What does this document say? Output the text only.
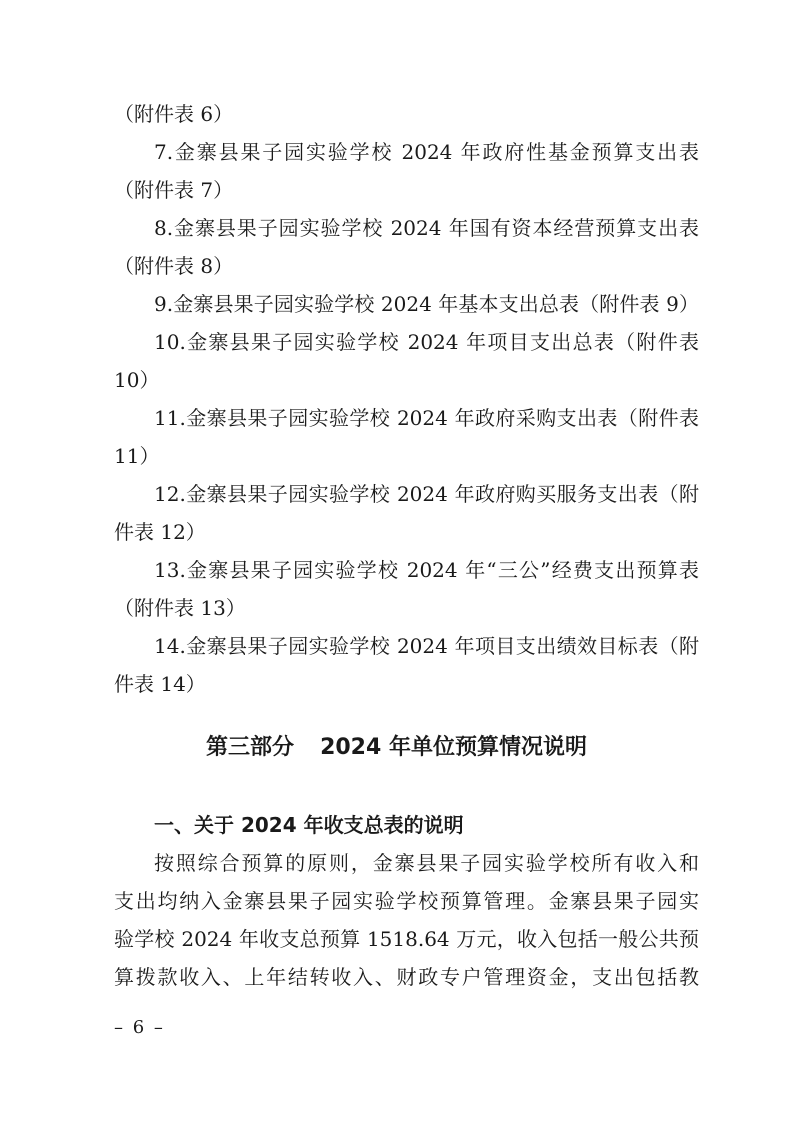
（附件表 6）
7.金寨县果子园实验学校 2024 年政府性基金预算支出表
（附件表 7）
8.金寨县果子园实验学校 2024 年国有资本经营预算支出表
（附件表 8）
9.金寨县果子园实验学校 2024 年基本支出总表（附件表 9）
10.金寨县果子园实验学校 2024 年项目支出总表（附件表
10）
11.金寨县果子园实验学校 2024 年政府采购支出表（附件表
11）
12.金寨县果子园实验学校 2024 年政府购买服务支出表（附
件表 12）
13.金寨县果子园实验学校 2024 年“三公”经费支出预算表
（附件表 13）
14.金寨县果子园实验学校 2024 年项目支出绩效目标表（附
件表 14）
第三部分 2024 年单位预算情况说明
一、关于 2024 年收支总表的说明
按照综合预算的原则，金寨县果子园实验学校所有收入和
支出均纳入金寨县果子园实验学校预算管理。金寨县果子园实
验学校 2024 年收支总预算 1518.64 万元，收入包括一般公共预
算拨款收入、上年结转收入、财政专户管理资金，支出包括教
– 6 –
